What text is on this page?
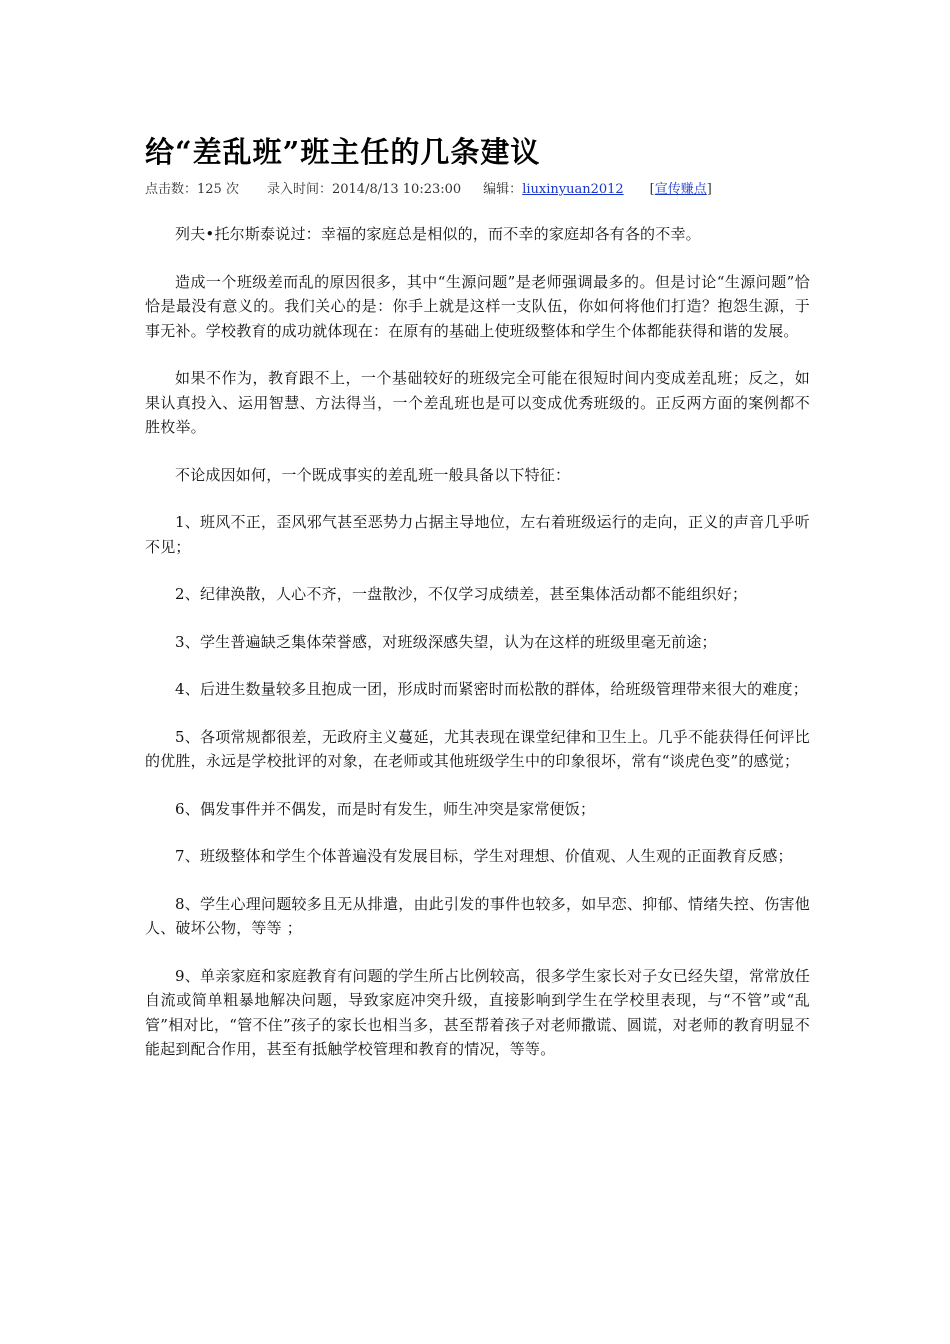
给“差乱班”班主任的几条建议
点击数：125 次 录入时间：2014/8/13 10:23:00 编辑：liuxinyuan2012 [宣传赚点]

列夫•托尔斯泰说过：幸福的家庭总是相似的，而不幸的家庭却各有各的不幸。

造成一个班级差而乱的原因很多，其中“生源问题”是老师强调最多的。但是讨论“生源问题”恰恰是最没有意义的。我们关心的是：你手上就是这样一支队伍，你如何将他们打造？抱怨生源，于事无补。学校教育的成功就体现在：在原有的基础上使班级整体和学生个体都能获得和谐的发展。

如果不作为，教育跟不上，一个基础较好的班级完全可能在很短时间内变成差乱班；反之，如果认真投入、运用智慧、方法得当，一个差乱班也是可以变成优秀班级的。正反两方面的案例都不胜枚举。

不论成因如何，一个既成事实的差乱班一般具备以下特征：

1、班风不正，歪风邪气甚至恶势力占据主导地位，左右着班级运行的走向，正义的声音几乎听不见；

2、纪律涣散，人心不齐，一盘散沙，不仅学习成绩差，甚至集体活动都不能组织好；

3、学生普遍缺乏集体荣誉感，对班级深感失望，认为在这样的班级里毫无前途；

4、后进生数量较多且抱成一团，形成时而紧密时而松散的群体，给班级管理带来很大的难度；

5、各项常规都很差，无政府主义蔓延，尤其表现在课堂纪律和卫生上。几乎不能获得任何评比的优胜，永远是学校批评的对象，在老师或其他班级学生中的印象很坏，常有“谈虎色变”的感觉；

6、偶发事件并不偶发，而是时有发生，师生冲突是家常便饭；

7、班级整体和学生个体普遍没有发展目标，学生对理想、价值观、人生观的正面教育反感；

8、学生心理问题较多且无从排遣，由此引发的事件也较多，如早恋、抑郁、情绪失控、伤害他人、破坏公物，等等 ；

9、单亲家庭和家庭教育有问题的学生所占比例较高，很多学生家长对子女已经失望，常常放任自流或简单粗暴地解决问题，导致家庭冲突升级，直接影响到学生在学校里表现，与“不管”或“乱管”相对比，“管不住”孩子的家长也相当多，甚至帮着孩子对老师撒谎、圆谎，对老师的教育明显不能起到配合作用，甚至有抵触学校管理和教育的情况，等等。
